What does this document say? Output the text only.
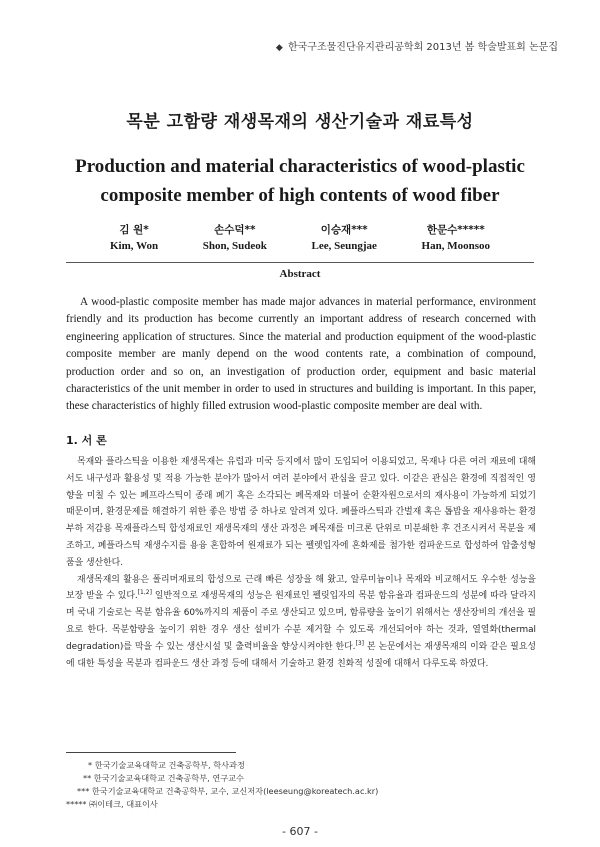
◆ 한국구조물진단유지관리공학회 2013년 봄 학술발표회 논문집
목분 고함량 재생목재의 생산기술과 재료특성
Production and material characteristics of wood-plastic
composite member of high contents of wood fiber
김 원*
Kim, Won
손수덕**
Shon, Sudeok
이승재***
Lee, Seungjae
한문수*****
Han, Moonsoo
Abstract

A wood-plastic composite member has made major advances in material performance, environment friendly and its production has become currently an important address of research concerned with engineering application of structures. Since the material and production equipment of the wood-plastic composite member are manly depend on the wood contents rate, a combination of compound, production order and so on, an investigation of production order, equipment and basic material characteristics of the unit member in order to used in structures and building is important. In this paper, these characteristics of highly filled extrusion wood-plastic composite member are deal with.

1. 서 론

목재와 플라스틱을 이용한 재생목재는 유럽과 미국 등지에서 많이 도입되어 이용되었고, 목재나 다른 여러 재료에 대해서도 내구성과 활용성 및 적용 가능한 분야가 많아서 여러 분야에서 관심을 끌고 있다. 이같은 관심은 환경에 직접적인 영향을 미칠 수 있는 폐프라스틱이 종래 폐기 혹은 소각되는 폐목재와 더불어 순환자원으로서의 재사용이 가능하게 되었기 때문이며, 환경문제를 해결하기 위한 좋은 방법 중 하나로 알려져 있다. 폐플라스틱과 간벌재 혹은 톱밥을 재사용하는 환경부하 저감용 목재플라스틱 합성재료인 재생목재의 생산 과정은 폐목재를 미크론 단위로 미분쇄한 후 건조시켜서 목분을 제조하고, 폐플라스틱 재생수지를 용융 혼합하여 원재료가 되는 펠렛입자에 혼화제를 첨가한 컴파운드로 합성하여 압출성형품을 생산한다.

재생목재의 활용은 폴리머재료의 합성으로 근래 빠른 성장을 해 왔고, 알루미늄이나 목재와 비교해서도 우수한 성능을 보장 받을 수 있다.[1,2] 일반적으로 재생목재의 성능은 원재료인 펠릿입자의 목분 함유율과 컴파운드의 성분에 따라 달라지며 국내 기술로는 목분 함유율 60%까지의 제품이 주로 생산되고 있으며, 함류량을 높이기 위해서는 생산장비의 개선을 필요로 한다. 목분함량을 높이기 위한 경우 생산 설비가 수분 제거할 수 있도록 개선되어야 하는 것과, 열열화(thermal degradation)를 막을 수 있는 생산시설 및 출력비율을 향상시켜야한 한다.[3] 본 논문에서는 재생목재의 이와 같은 필요성에 대한 특성을 목분과 컴파운드 생산 과정 등에 대해서 기술하고 환경 친화적 성질에 대해서 다루도록 하였다.

* 한국기술교육대학교 건축공학부, 학사과정
** 한국기술교육대학교 건축공학부, 연구교수
*** 한국기술교육대학교 건축공학부, 교수, 교신저자(leeseung@koreatech.ac.kr)
***** ㈜이테크, 대표이사
- 607 -
